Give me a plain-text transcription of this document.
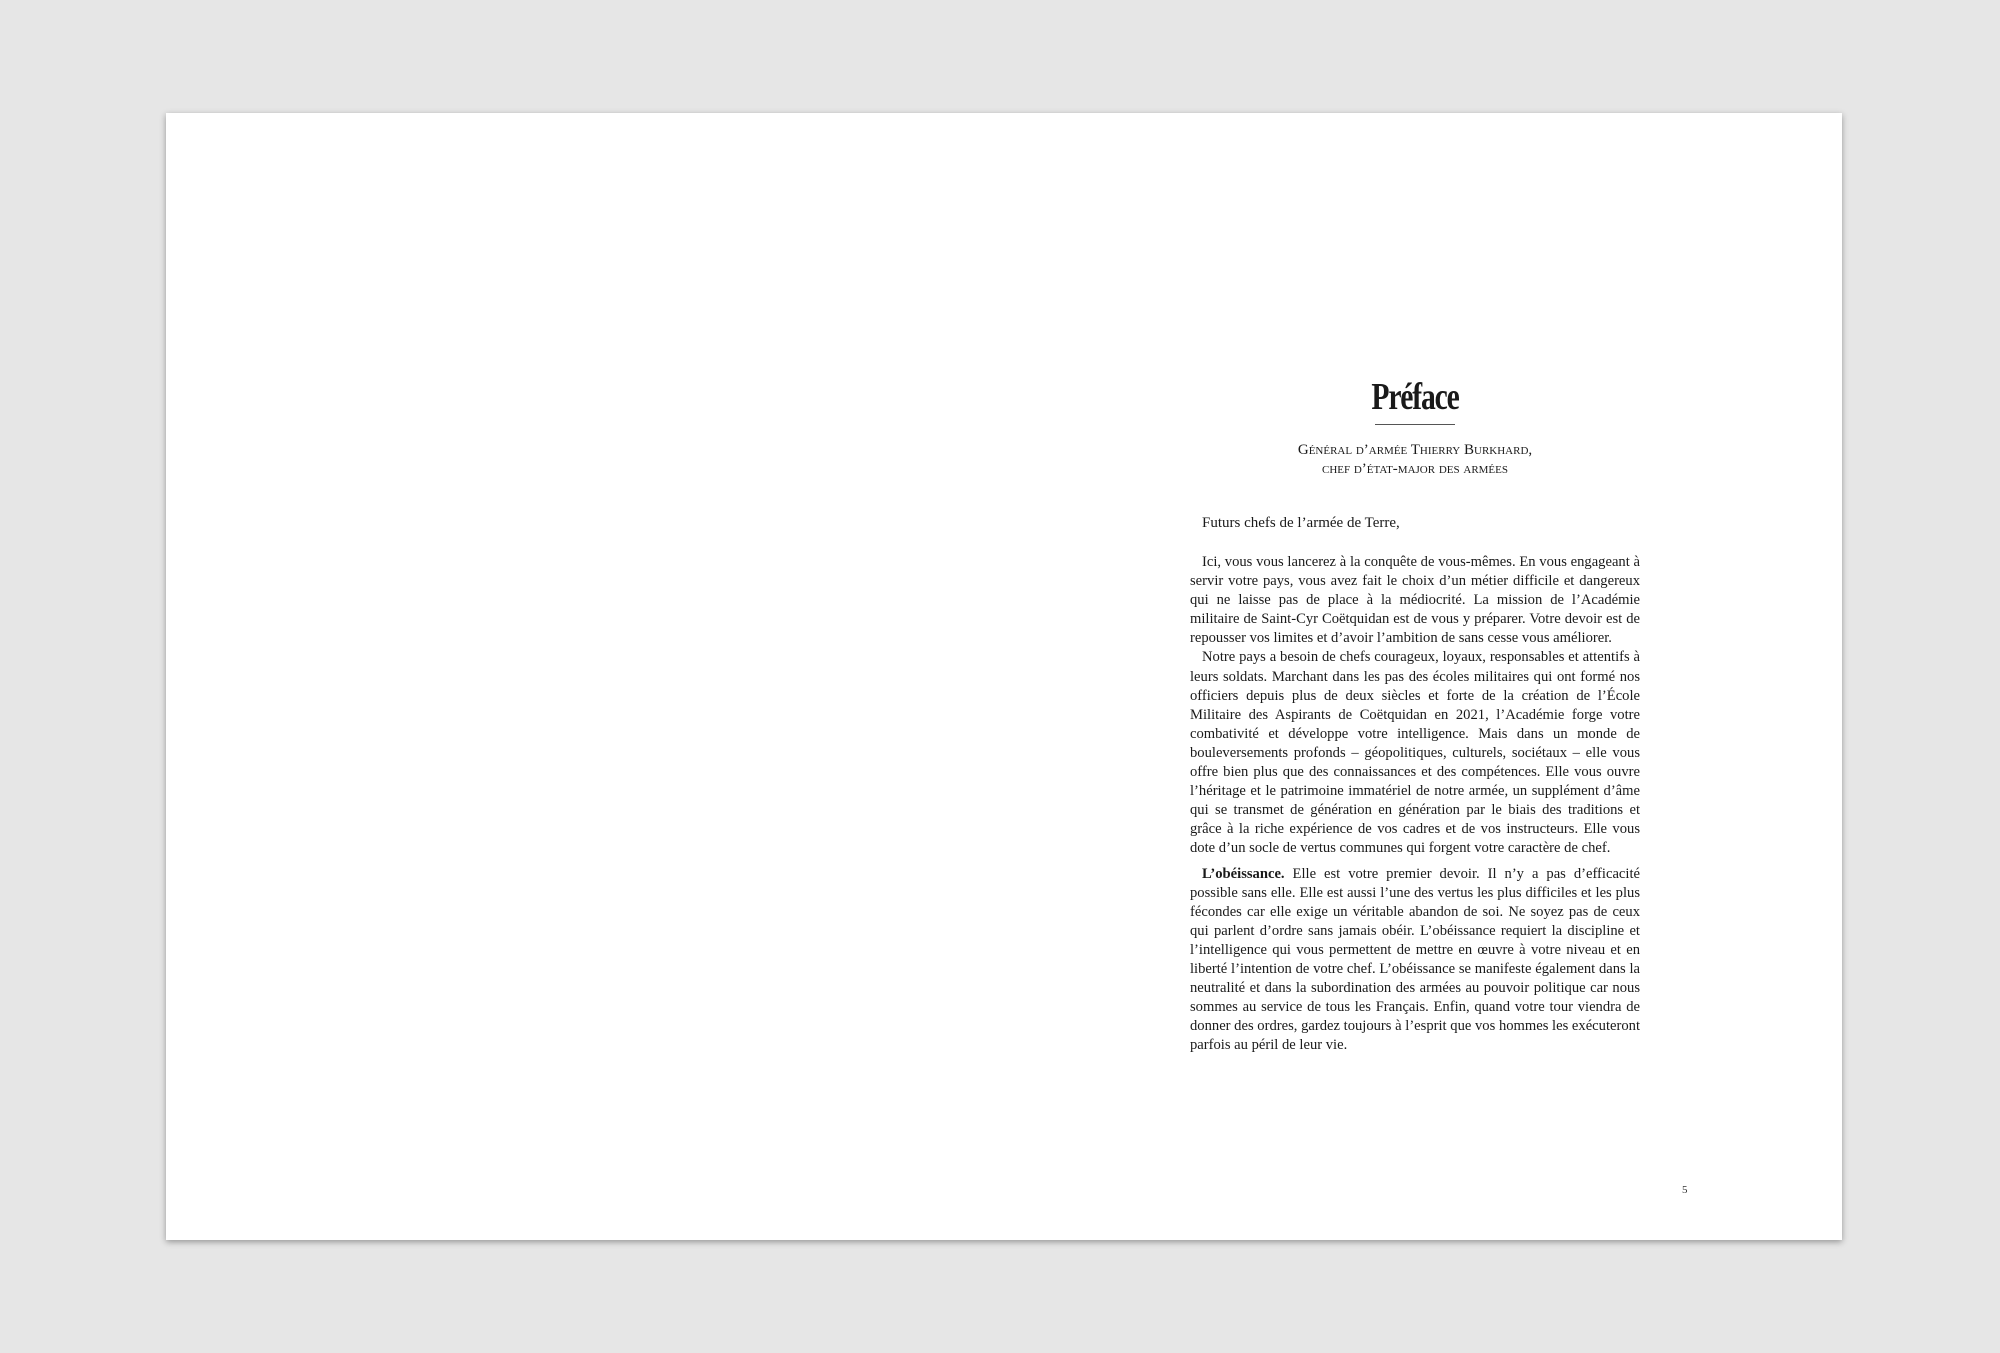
Préface
Général d’armée Thierry Burkhard,
chef d’état-major des armées
Futurs chefs de l’armée de Terre,

Ici, vous vous lancerez à la conquête de vous-mêmes. En vous engageant à servir votre pays, vous avez fait le choix d’un métier difficile et dangereux qui ne laisse pas de place à la médiocrité. La mission de l’Académie militaire de Saint-Cyr Coëtquidan est de vous y préparer. Votre devoir est de repousser vos limites et d’avoir l’ambition de sans cesse vous améliorer.

Notre pays a besoin de chefs courageux, loyaux, responsables et attentifs à leurs soldats. Marchant dans les pas des écoles militaires qui ont formé nos officiers depuis plus de deux siècles et forte de la création de l’École Militaire des Aspirants de Coëtquidan en 2021, l’Académie forge votre combativité et développe votre intelligence. Mais dans un monde de bouleversements profonds – géopolitiques, culturels, sociétaux – elle vous offre bien plus que des connaissances et des compétences. Elle vous ouvre l’héritage et le patrimoine immatériel de notre armée, un supplément d’âme qui se transmet de génération en génération par le biais des traditions et grâce à la riche expérience de vos cadres et de vos instructeurs. Elle vous dote d’un socle de vertus communes qui forgent votre caractère de chef.

L’obéissance. Elle est votre premier devoir. Il n’y a pas d’efficacité possible sans elle. Elle est aussi l’une des vertus les plus difficiles et les plus fécondes car elle exige un véritable abandon de soi. Ne soyez pas de ceux qui parlent d’ordre sans jamais obéir. L’obéissance requiert la discipline et l’intelligence qui vous permettent de mettre en œuvre à votre niveau et en liberté l’intention de votre chef. L’obéissance se manifeste également dans la neutralité et dans la subordination des armées au pouvoir politique car nous sommes au service de tous les Français. Enfin, quand votre tour viendra de donner des ordres, gardez toujours à l’esprit que vos hommes les exécuteront parfois au péril de leur vie.

5
